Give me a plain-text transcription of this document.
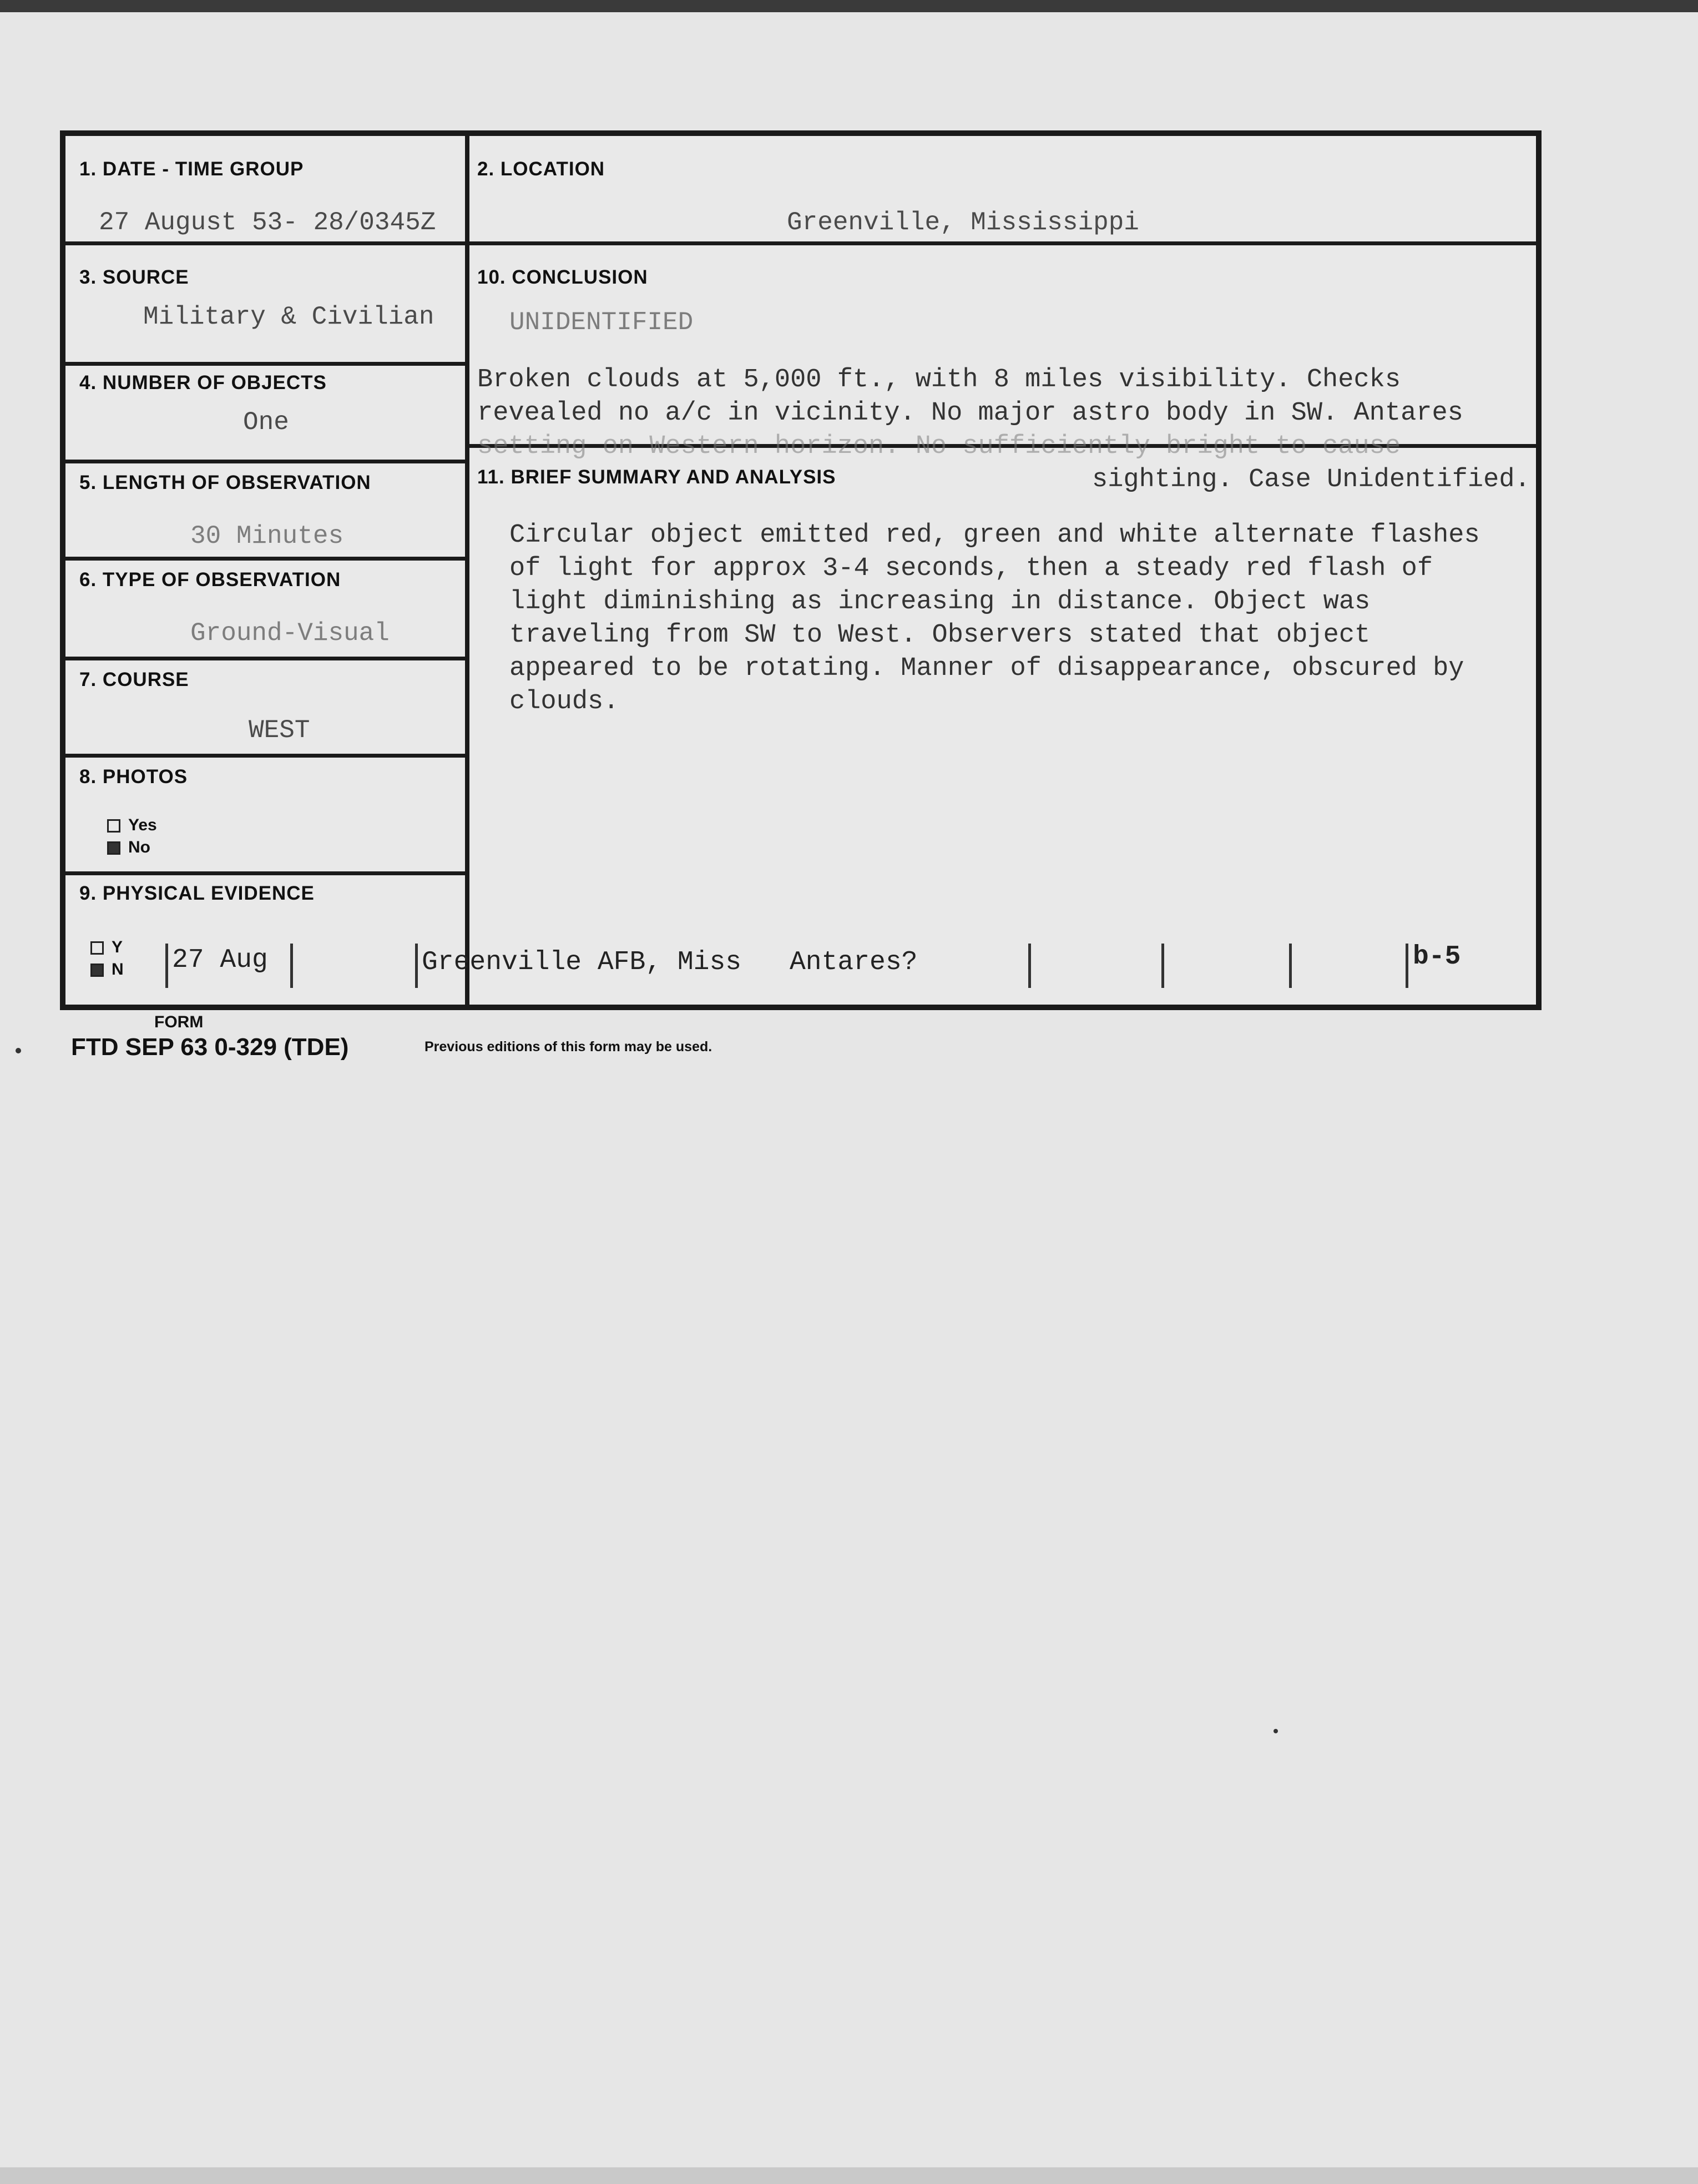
1. DATE - TIME GROUP
27 August 53- 28/0345Z
2. LOCATION
Greenville, Mississippi
3. SOURCE
Military & Civilian
4. NUMBER OF OBJECTS
One
5. LENGTH OF OBSERVATION
30 Minutes
6. TYPE OF OBSERVATION
Ground-Visual
7. COURSE
WEST
8. PHOTOS
Yes
No
9. PHYSICAL EVIDENCE
Y
N 27 Aug	Greenville AFB, Miss Antares?	b-5
10. CONCLUSION
UNIDENTIFIED
Broken clouds at 5,000 ft., with 8 miles visibility. Checks
revealed no a/c in vicinity. No major astro body in SW. Antares
setting on Western horizon. No sufficiently bright to cause
sighting. Case Unidentified.
11. BRIEF SUMMARY AND ANALYSIS
Circular object emitted red, green and white alternate flashes
of light for approx 3-4 seconds, then a steady red flash of
light diminishing as increasing in distance. Object was
traveling from SW to West. Observers stated that object
appeared to be rotating. Manner of disappearance, obscured by
clouds.
FORM
FTD SEP 63 0-329 (TDE)	Previous editions of this form may be used.
